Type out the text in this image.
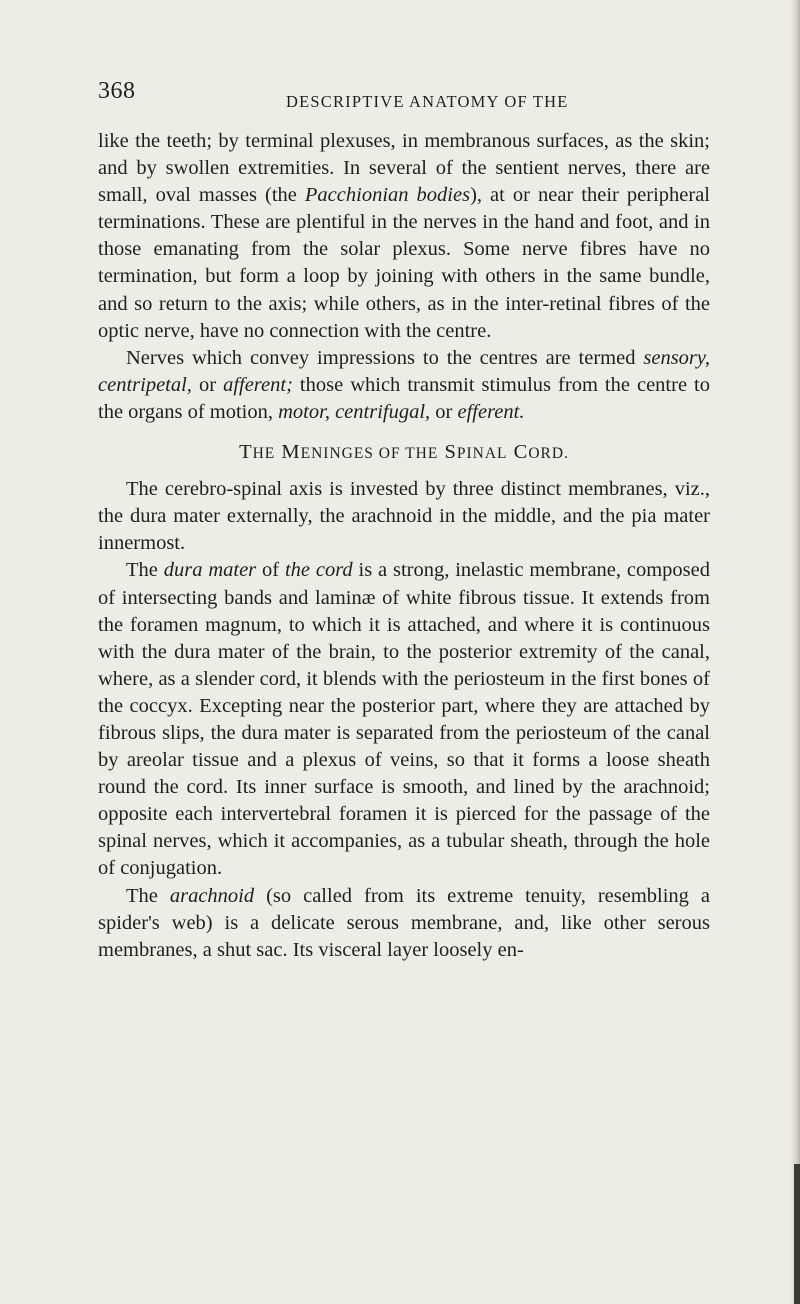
368	DESCRIPTIVE ANATOMY OF THE

like the teeth; by terminal plexuses, in membranous surfaces, as the skin; and by swollen extremities. In several of the sentient nerves, there are small, oval masses (the Pacchionian bodies), at or near their peripheral terminations. These are plentiful in the nerves in the hand and foot, and in those emanating from the solar plexus. Some nerve fibres have no termination, but form a loop by joining with others in the same bundle, and so return to the axis; while others, as in the inter-retinal fibres of the optic nerve, have no connection with the centre.

Nerves which convey impressions to the centres are termed sensory, centripetal, or afferent; those which transmit stimulus from the centre to the organs of motion, motor, centrifugal, or efferent.

THE MENINGES OF THE SPINAL CORD.

The cerebro-spinal axis is invested by three distinct membranes, viz., the dura mater externally, the arachnoid in the middle, and the pia mater innermost.

The dura mater of the cord is a strong, inelastic membrane, composed of intersecting bands and laminæ of white fibrous tissue. It extends from the foramen magnum, to which it is attached, and where it is continuous with the dura mater of the brain, to the posterior extremity of the canal, where, as a slender cord, it blends with the periosteum in the first bones of the coccyx. Excepting near the posterior part, where they are attached by fibrous slips, the dura mater is separated from the periosteum of the canal by areolar tissue and a plexus of veins, so that it forms a loose sheath round the cord. Its inner surface is smooth, and lined by the arachnoid; opposite each intervertebral foramen it is pierced for the passage of the spinal nerves, which it accompanies, as a tubular sheath, through the hole of conjugation.

The arachnoid (so called from its extreme tenuity, resembling a spider's web) is a delicate serous membrane, and, like other serous membranes, a shut sac. Its visceral layer loosely en-
